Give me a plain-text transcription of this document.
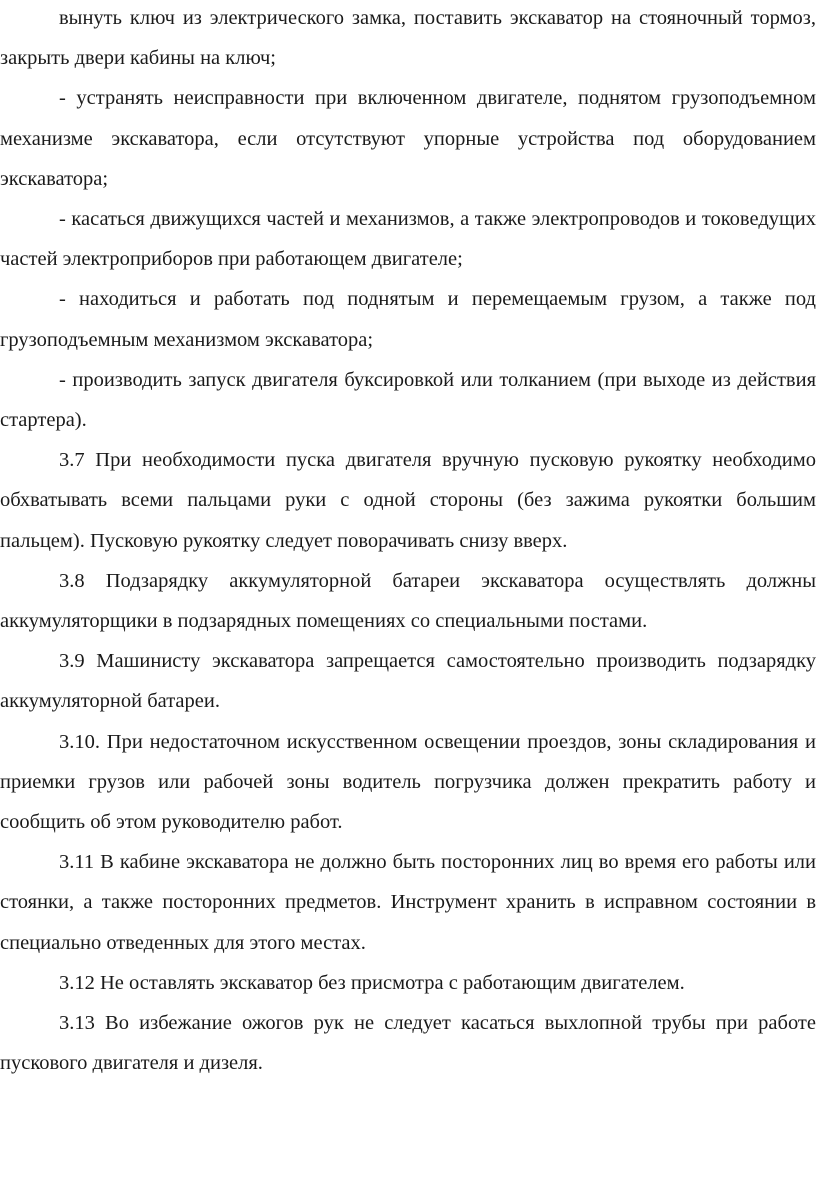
вынуть ключ из электрического замка, поставить экскаватор на стояночный тормоз, закрыть двери кабины на ключ;

- устранять неисправности при включенном двигателе, поднятом грузоподъемном механизме экскаватора, если отсутствуют упорные устройства под оборудованием экскаватора;

- касаться движущихся частей и механизмов, а также электропроводов и токоведущих частей электроприборов при работающем двигателе;

- находиться и работать под поднятым и перемещаемым грузом, а также под грузоподъемным механизмом экскаватора;

- производить запуск двигателя буксировкой или толканием (при выходе из действия стартера).

3.7 При необходимости пуска двигателя вручную пусковую рукоятку необходимо обхватывать всеми пальцами руки с одной стороны (без зажима рукоятки большим пальцем). Пусковую рукоятку следует поворачивать снизу вверх.

3.8 Подзарядку аккумуляторной батареи экскаватора осуществлять должны аккумуляторщики в подзарядных помещениях со специальными постами.

3.9 Машинисту экскаватора запрещается самостоятельно производить подзарядку аккумуляторной батареи.

3.10. При недостаточном искусственном освещении проездов, зоны складирования и приемки грузов или рабочей зоны водитель погрузчика должен прекратить работу и сообщить об этом руководителю работ.

3.11 В кабине экскаватора не должно быть посторонних лиц во время его работы или стоянки, а также посторонних предметов. Инструмент хранить в исправном состоянии в специально отведенных для этого местах.

3.12 Не оставлять экскаватор без присмотра с работающим двигателем.

3.13 Во избежание ожогов рук не следует касаться выхлопной трубы при работе пускового двигателя и дизеля.
